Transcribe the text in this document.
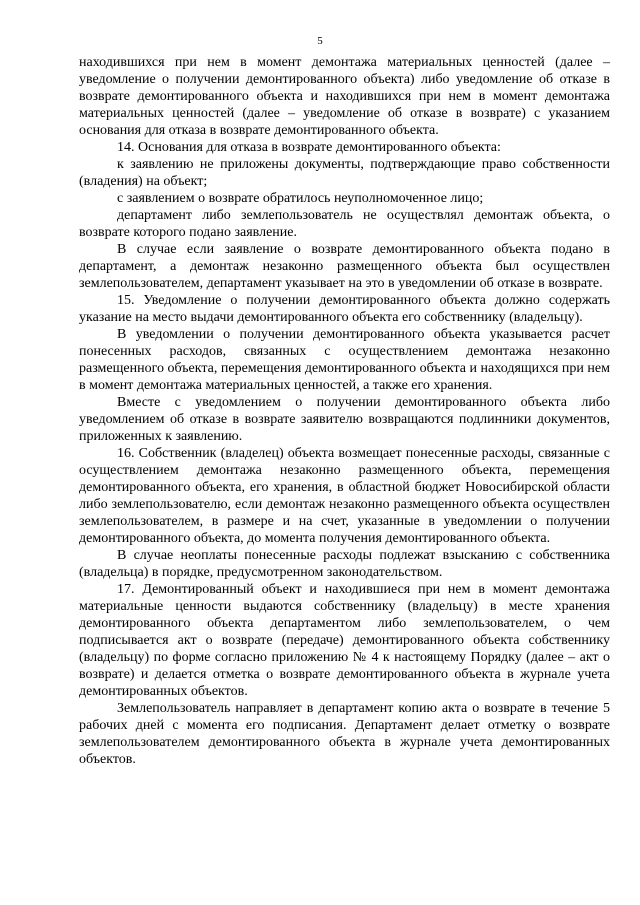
5

находившихся при нем в момент демонтажа материальных ценностей (далее – уведомление о получении демонтированного объекта) либо уведомление об отказе в возврате демонтированного объекта и находившихся при нем в момент демонтажа материальных ценностей (далее – уведомление об отказе в возврате) с указанием основания для отказа в возврате демонтированного объекта.

14. Основания для отказа в возврате демонтированного объекта:

к заявлению не приложены документы, подтверждающие право собственности (владения) на объект;

с заявлением о возврате обратилось неуполномоченное лицо;

департамент либо землепользователь не осуществлял демонтаж объекта, о возврате которого подано заявление.

В случае если заявление о возврате демонтированного объекта подано в департамент, а демонтаж незаконно размещенного объекта был осуществлен землепользователем, департамент указывает на это в уведомлении об отказе в возврате.

15. Уведомление о получении демонтированного объекта должно содержать указание на место выдачи демонтированного объекта его собственнику (владельцу).

В уведомлении о получении демонтированного объекта указывается расчет понесенных расходов, связанных с осуществлением демонтажа незаконно размещенного объекта, перемещения демонтированного объекта и находящихся при нем в момент демонтажа материальных ценностей, а также его хранения.

Вместе с уведомлением о получении демонтированного объекта либо уведомлением об отказе в возврате заявителю возвращаются подлинники документов, приложенных к заявлению.

16. Собственник (владелец) объекта возмещает понесенные расходы, связанные с осуществлением демонтажа незаконно размещенного объекта, перемещения демонтированного объекта, его хранения, в областной бюджет Новосибирской области либо землепользователю, если демонтаж незаконно размещенного объекта осуществлен землепользователем, в размере и на счет, указанные в уведомлении о получении демонтированного объекта, до момента получения демонтированного объекта.

В случае неоплаты понесенные расходы подлежат взысканию с собственника (владельца) в порядке, предусмотренном законодательством.

17. Демонтированный объект и находившиеся при нем в момент демонтажа материальные ценности выдаются собственнику (владельцу) в месте хранения демонтированного объекта департаментом либо землепользователем, о чем подписывается акт о возврате (передаче) демонтированного объекта собственнику (владельцу) по форме согласно приложению № 4 к настоящему Порядку (далее – акт о возврате) и делается отметка о возврате демонтированного объекта в журнале учета демонтированных объектов.

Землепользователь направляет в департамент копию акта о возврате в течение 5 рабочих дней с момента его подписания. Департамент делает отметку о возврате землепользователем демонтированного объекта в журнале учета демонтированных объектов.
